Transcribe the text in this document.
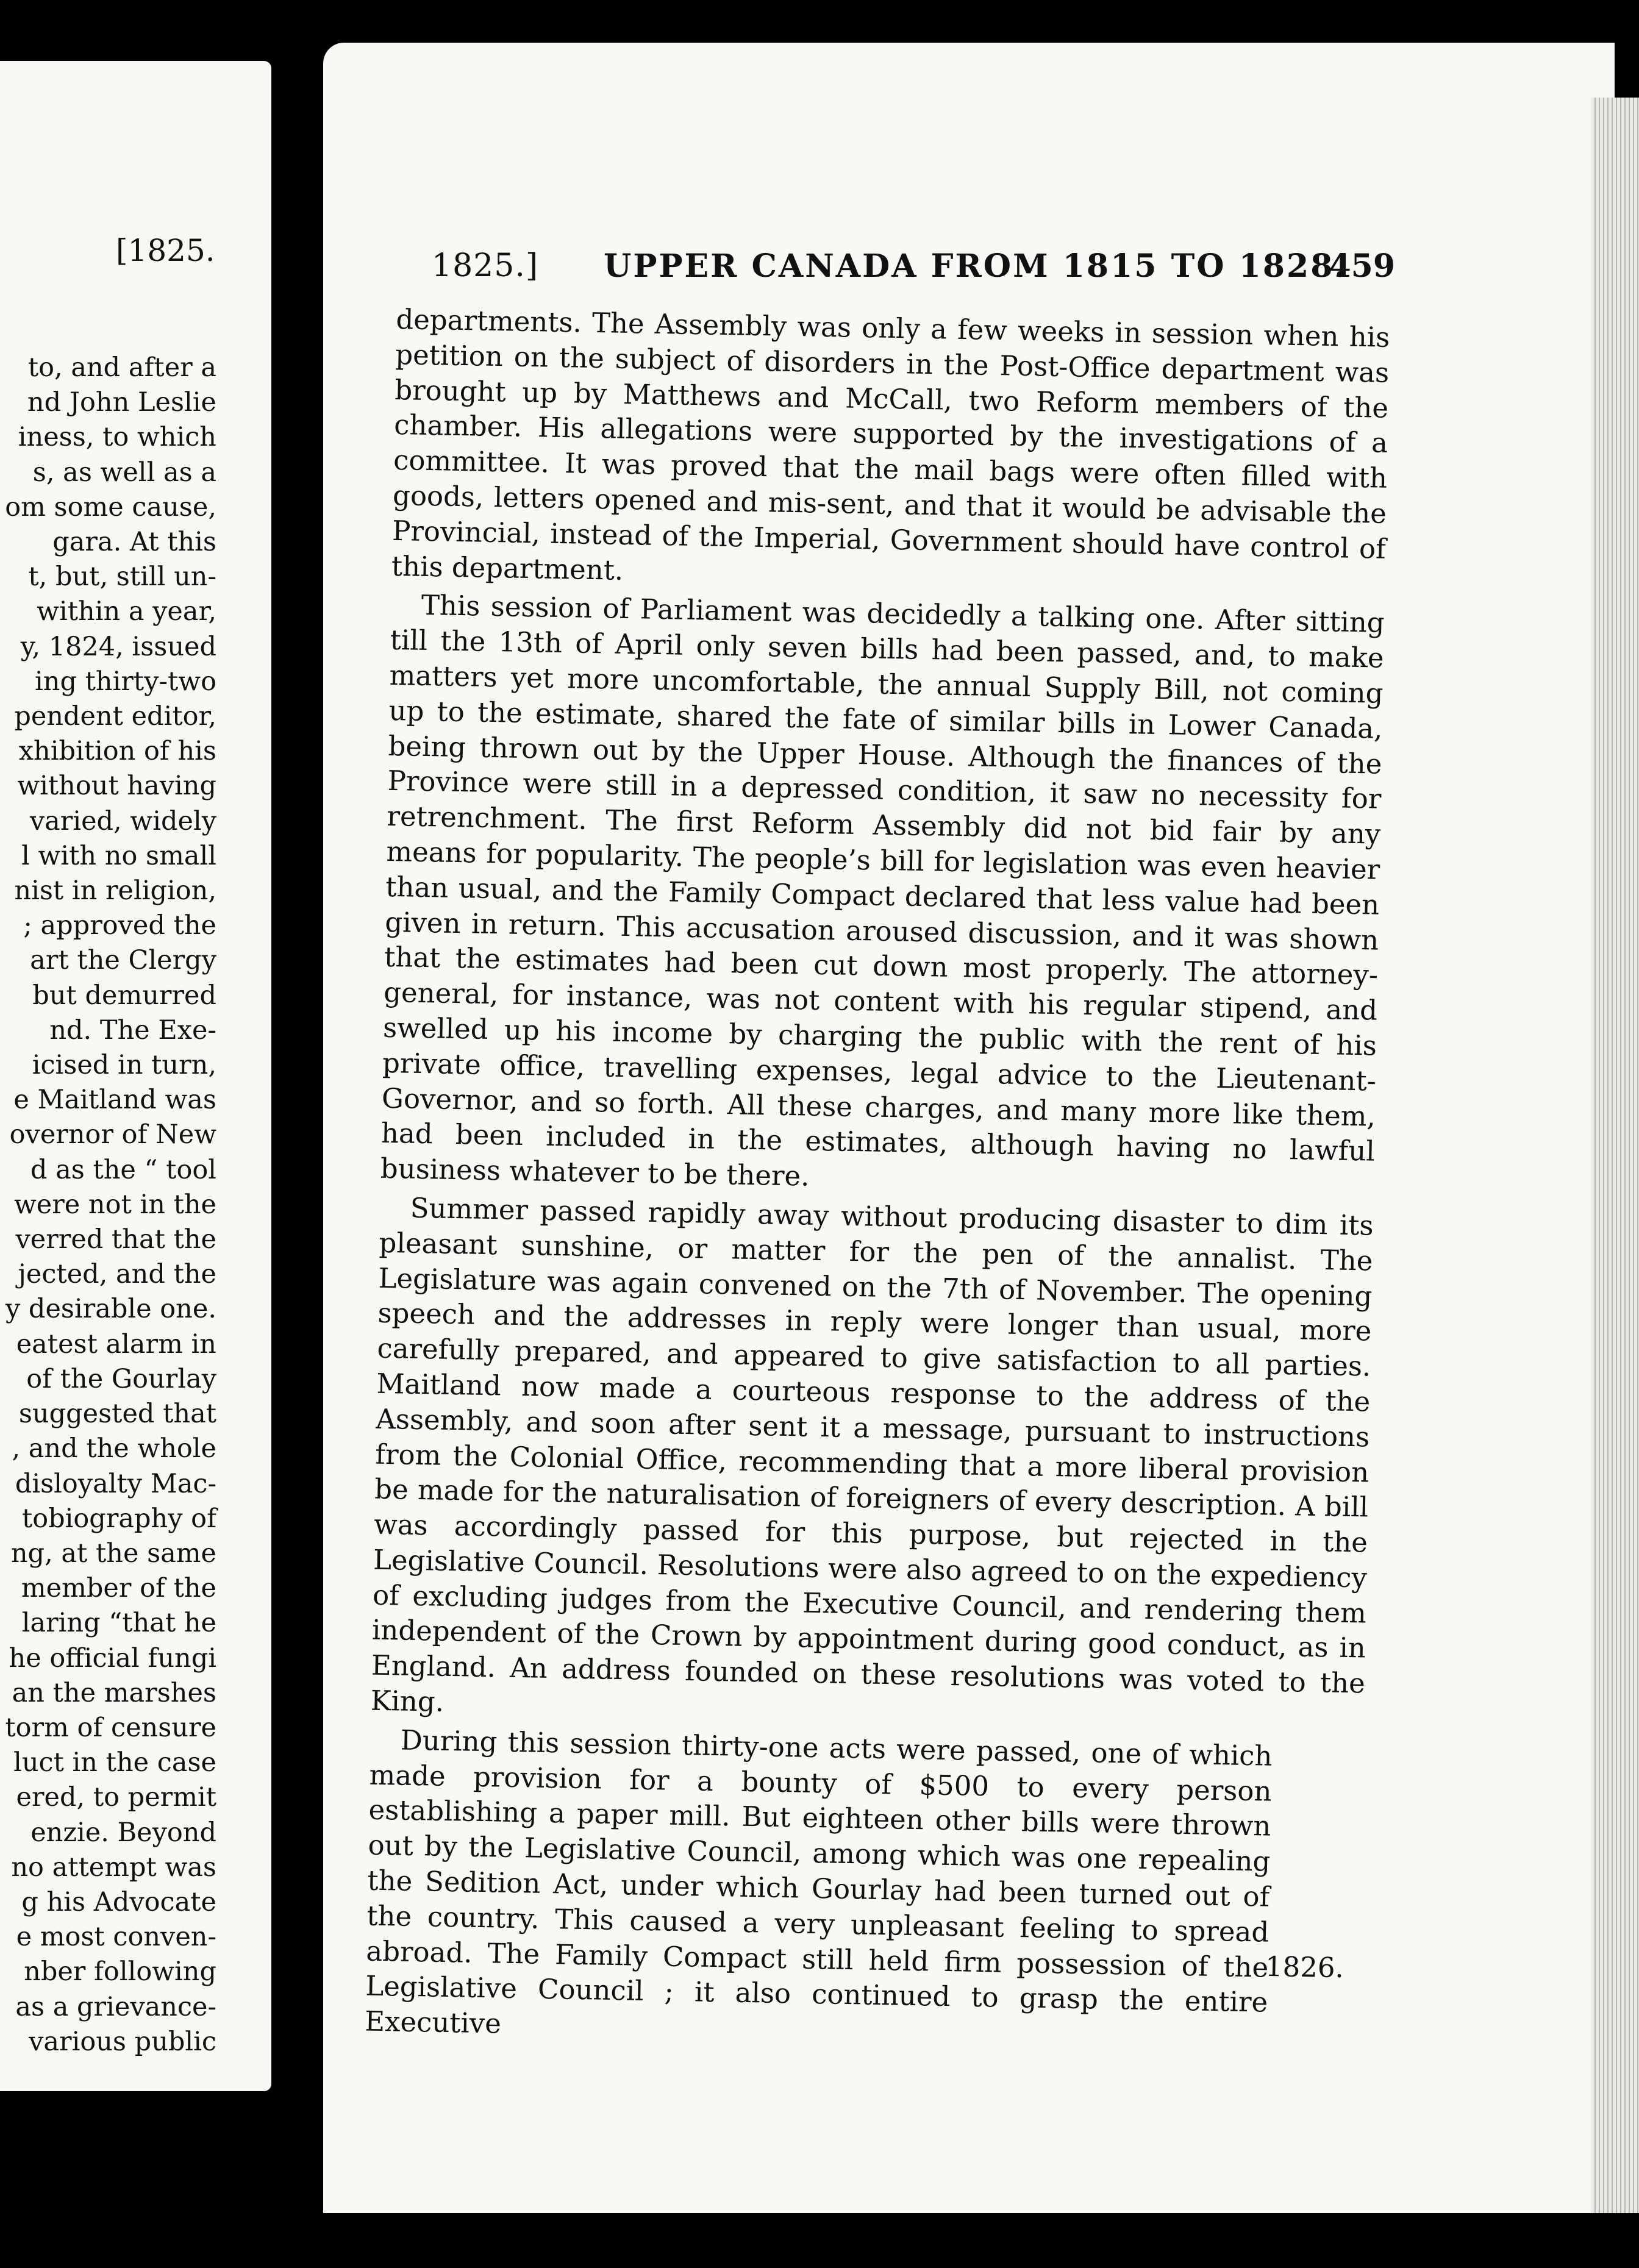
[1825.
to, and after a
nd John Leslie
iness, to which
s, as well as a
om some cause,
gara. At this
t, but, still un-
within a year,
y, 1824, issued
ing thirty-two
pendent editor,
xhibition of his
without having
varied, widely
l with no small
nist in religion,
; approved the
art the Clergy
but demurred
nd. The Exe-
icised in turn,
e Maitland was
overnor of New
d as the “ tool
were not in the
verred that the
jected, and the
y desirable one.
eatest alarm in
of the Gourlay
suggested that
, and the whole
disloyalty Mac-
tobiography of
ng, at the same
member of the
laring “that he
he official fungi
an the marshes
torm of censure
luct in the case
ered, to permit
enzie. Beyond
no attempt was
g his Advocate
e most conven-
nber following
as a grievance-
various public
1825.] UPPER CANADA FROM 1815 TO 1828.
459

departments. The Assembly was only a few weeks in session when his petition on the subject of disorders in the Post-Office department was brought up by Matthews and McCall, two Reform members of the chamber. His allegations were supported by the investigations of a committee. It was proved that the mail bags were often filled with goods, letters opened and mis-sent, and that it would be advisable the Provincial, instead of the Imperial, Government should have control of this department.

This session of Parliament was decidedly a talking one. After sitting till the 13th of April only seven bills had been passed, and, to make matters yet more uncomfortable, the annual Supply Bill, not coming up to the estimate, shared the fate of similar bills in Lower Canada, being thrown out by the Upper House. Although the finances of the Province were still in a depressed condition, it saw no necessity for retrenchment. The first Reform Assembly did not bid fair by any means for popularity. The people’s bill for legislation was even heavier than usual, and the Family Compact declared that less value had been given in return. This accusation aroused discussion, and it was shown that the estimates had been cut down most properly. The attorney-general, for instance, was not content with his regular stipend, and swelled up his income by charging the public with the rent of his private office, travelling expenses, legal advice to the Lieutenant-Governor, and so forth. All these charges, and many more like them, had been included in the estimates, although having no lawful business whatever to be there.

Summer passed rapidly away without producing disaster to dim its pleasant sunshine, or matter for the pen of the annalist. The Legislature was again convened on the 7th of November. The opening speech and the addresses in reply were longer than usual, more carefully prepared, and appeared to give satisfaction to all parties. Maitland now made a courteous response to the address of the Assembly, and soon after sent it a message, pursuant to instructions from the Colonial Office, recommending that a more liberal provision be made for the naturalisation of foreigners of every description. A bill was accordingly passed for this purpose, but rejected in the Legislative Council. Resolutions were also agreed to on the expediency of excluding judges from the Executive Council, and rendering them independent of the Crown by appointment during good conduct, as in England. An address founded on these resolutions was voted to the King.

During this session thirty-one acts were passed, one of which made provision for a bounty of $500 to every person establishing a paper mill. But eighteen other bills were thrown out by the Legislative Council, among which was one repealing the Sedition Act, under which Gourlay had been turned out of the country. This caused a very unpleasant feeling to spread abroad. The Family Compact still held firm possession of the Legislative Council ; it also continued to grasp the entire Executive

1826.
